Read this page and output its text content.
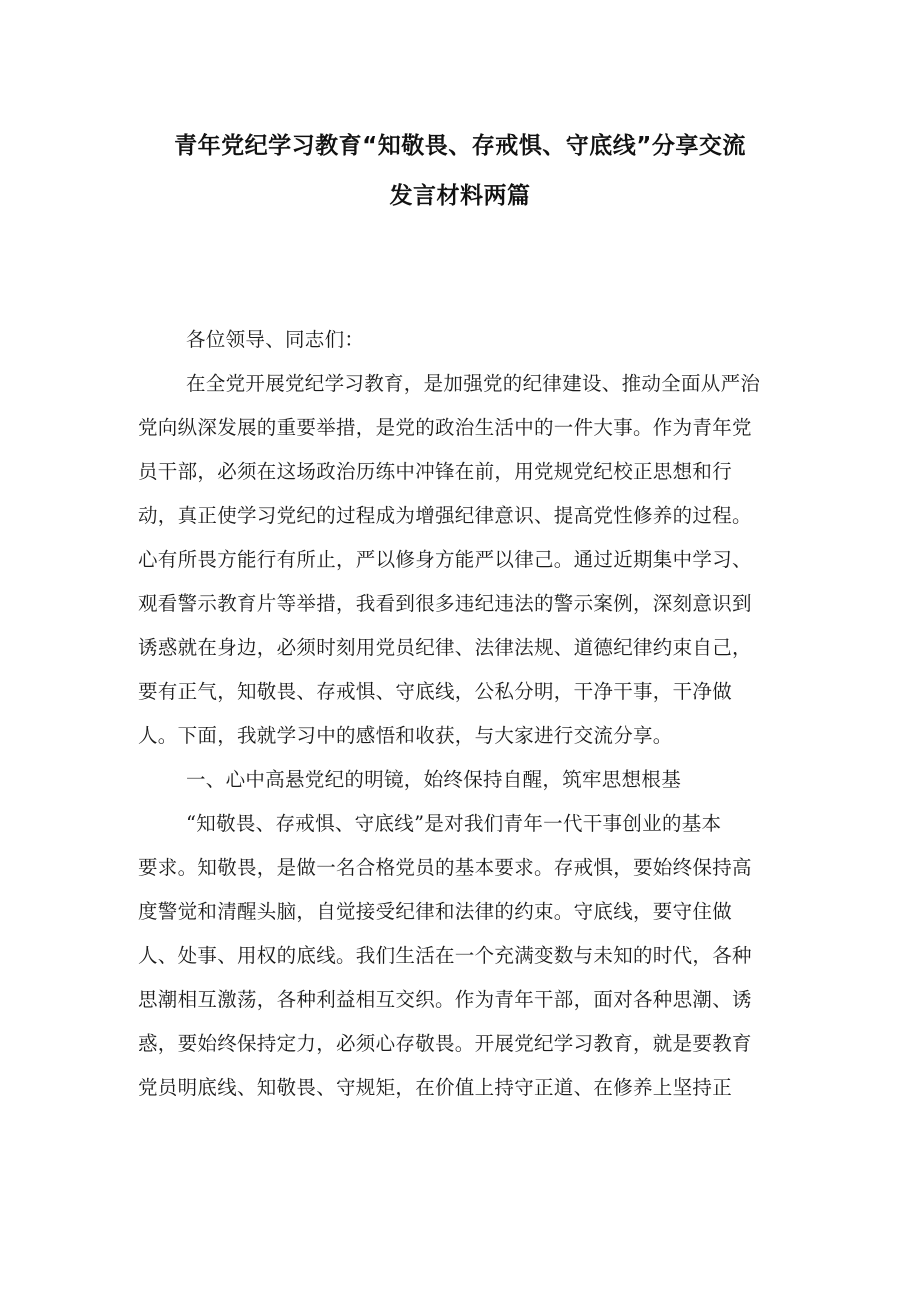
青年党纪学习教育“知敬畏、存戒惧、守底线”分享交流
发言材料两篇
各位领导、同志们：
在全党开展党纪学习教育，是加强党的纪律建设、推动全面从严治
党向纵深发展的重要举措，是党的政治生活中的一件大事。作为青年党
员干部，必须在这场政治历练中冲锋在前，用党规党纪校正思想和行
动，真正使学习党纪的过程成为增强纪律意识、提高党性修养的过程。
心有所畏方能行有所止，严以修身方能严以律己。通过近期集中学习、
观看警示教育片等举措，我看到很多违纪违法的警示案例，深刻意识到
诱惑就在身边，必须时刻用党员纪律、法律法规、道德纪律约束自己，
要有正气，知敬畏、存戒惧、守底线，公私分明，干净干事，干净做
人。下面，我就学习中的感悟和收获，与大家进行交流分享。
一、心中高悬党纪的明镜，始终保持自醒，筑牢思想根基
“知敬畏、存戒惧、守底线”是对我们青年一代干事创业的基本
要求。知敬畏，是做一名合格党员的基本要求。存戒惧，要始终保持高
度警觉和清醒头脑，自觉接受纪律和法律的约束。守底线，要守住做
人、处事、用权的底线。我们生活在一个充满变数与未知的时代，各种
思潮相互激荡，各种利益相互交织。作为青年干部，面对各种思潮、诱
惑，要始终保持定力，必须心存敬畏。开展党纪学习教育，就是要教育
党员明底线、知敬畏、守规矩，在价值上持守正道、在修养上坚持正
